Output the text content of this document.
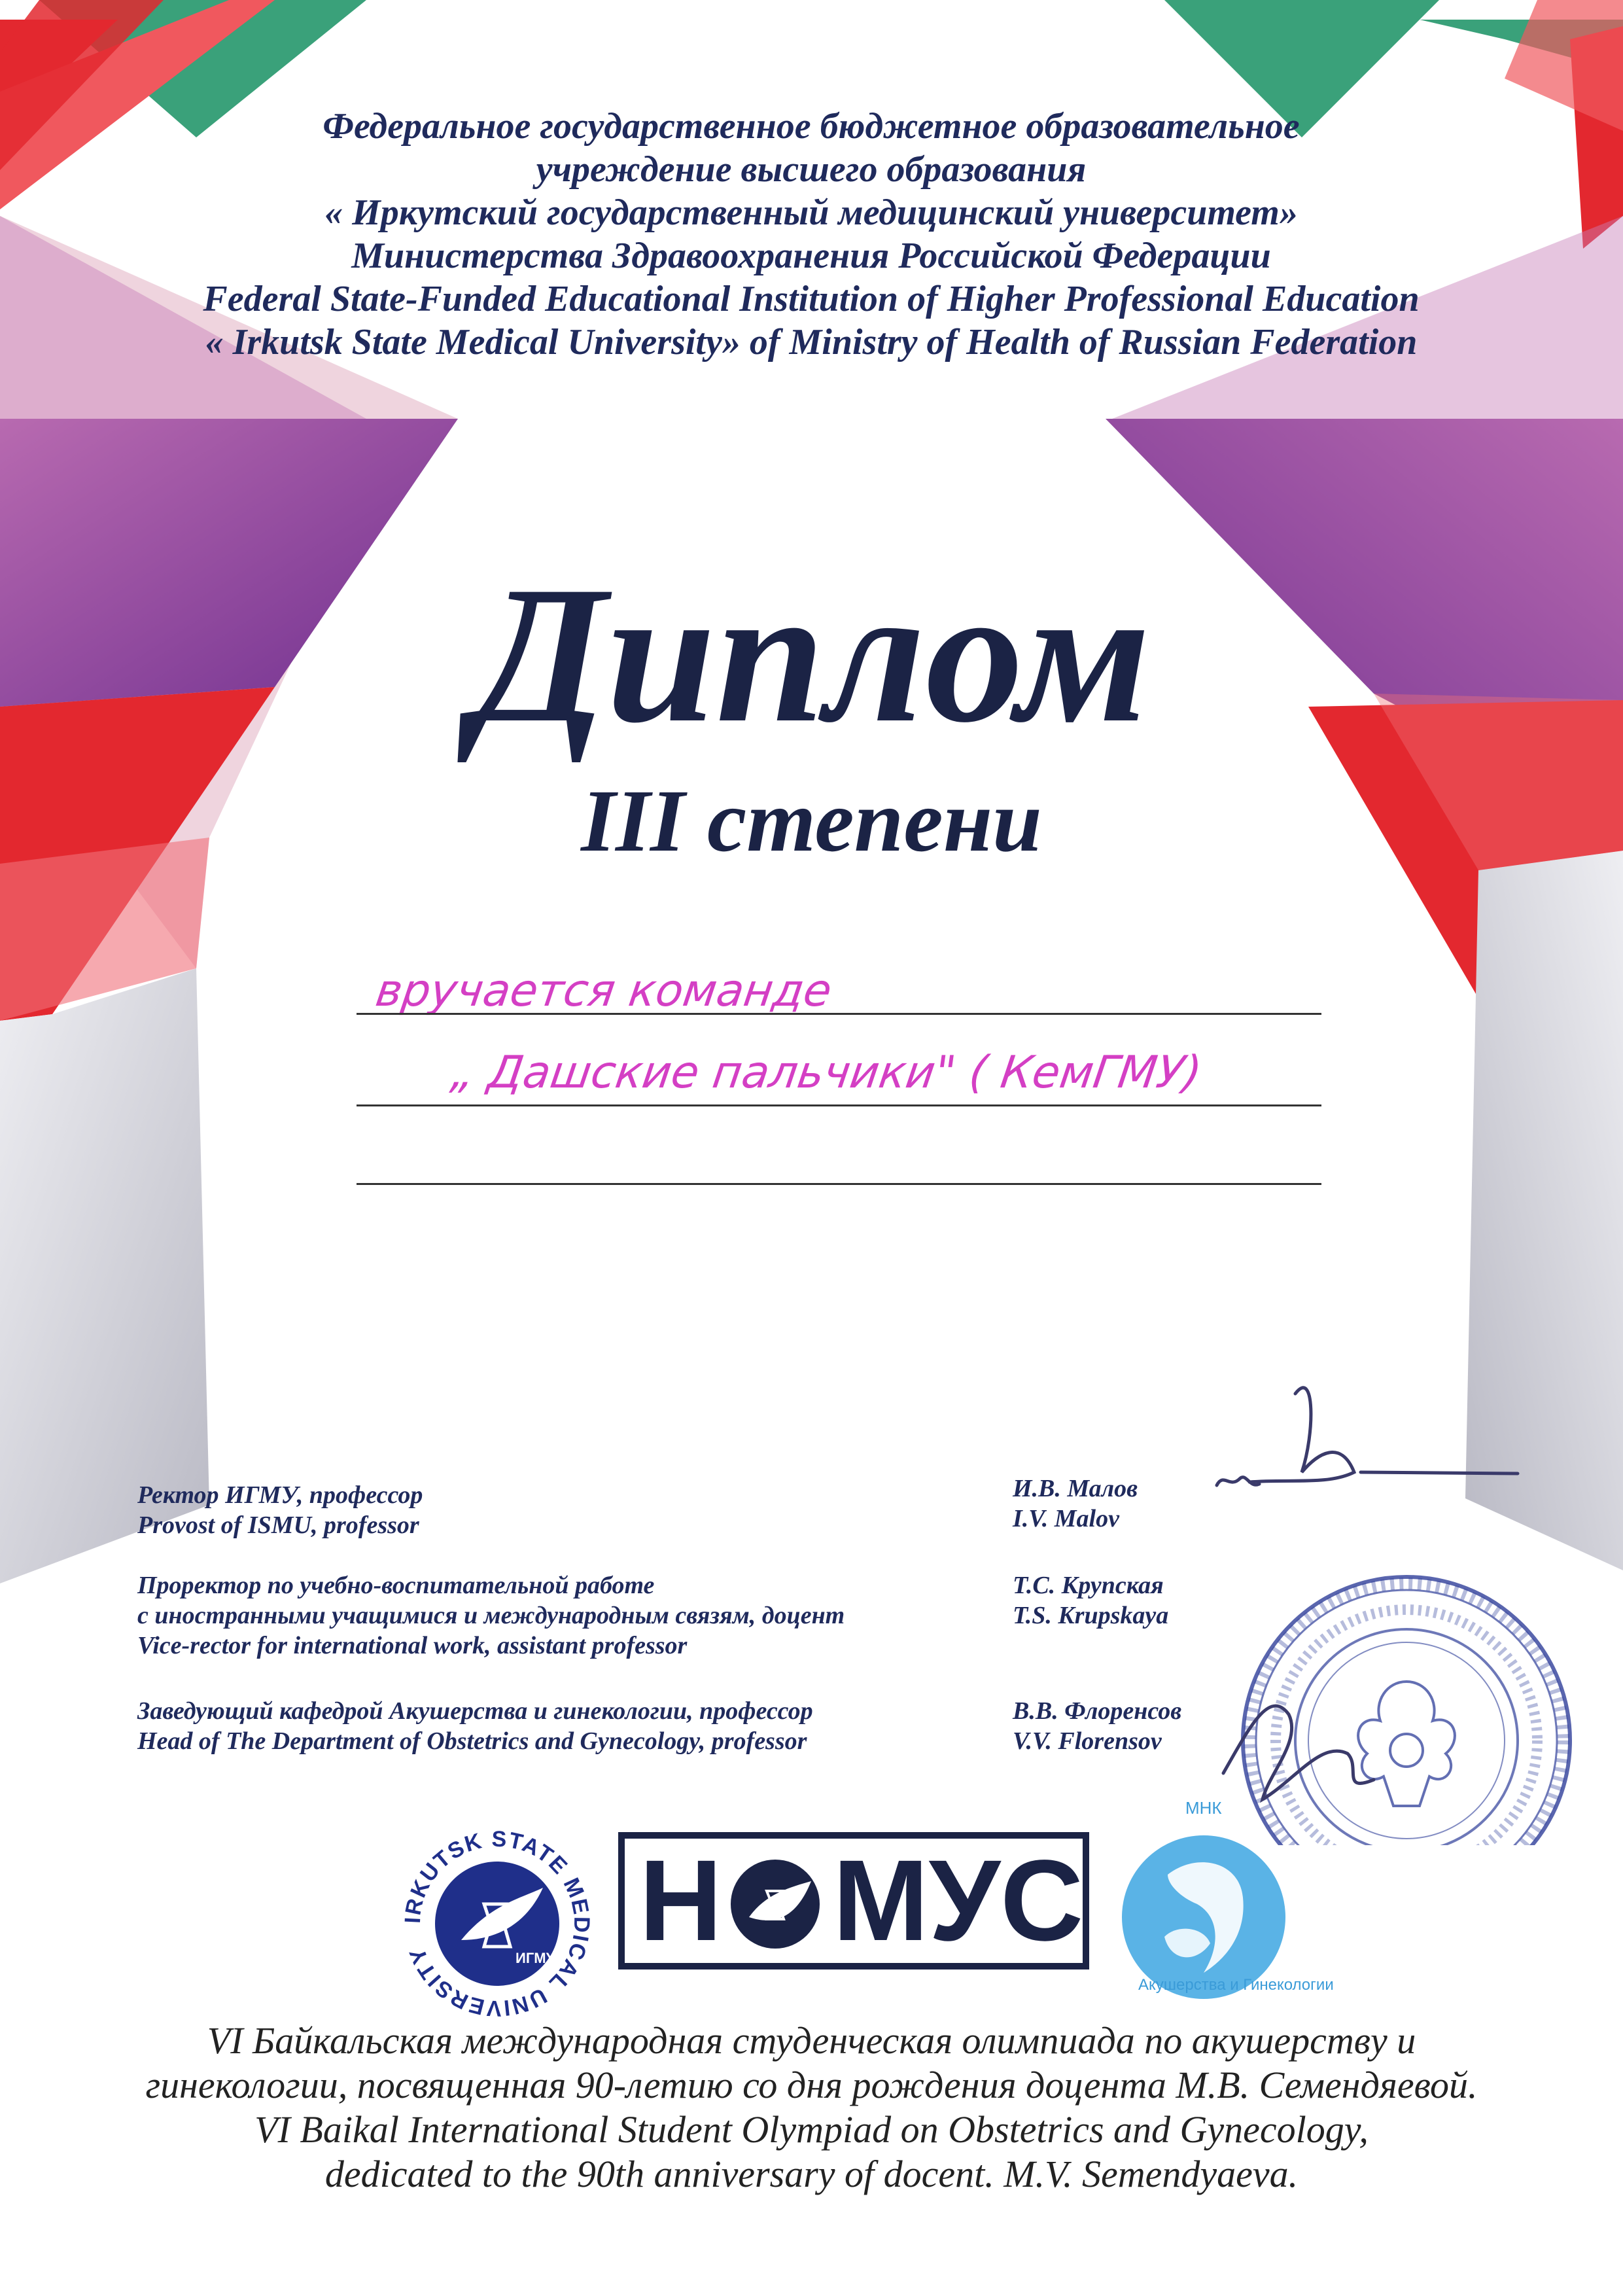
Федеральное государственное бюджетное образовательное
учреждение высшего образования
« Иркутский государственный медицинский университет»
Министерства Здравоохранения Российской Федерации
Federal State-Funded Educational Institution of Higher Professional Education
« Irkutsk State Medical University» of Ministry of Health of Russian Federation
Диплом
III степени
вручается команде
„ Дашские пальчики" ( КемГМУ)
Ректор ИГМУ, профессор
Provost of ISMU, professor
И.В. Малов
I.V. Malov
Проректор по учебно-воспитательной работе
с иностранными учащимися и международным связям, доцент
Vice-rector for international work, assistant professor
Т.С. Крупская
T.S. Krupskaya
Заведующий кафедрой Акушерства и гинекологии, профессор
Head of The Department of Obstetrics and Gynecology, professor
В.В. Флоренсов
V.V. Florensov
IRKUTSK STATE MEDICAL UNIVERSITY	ИГМУ Н МУС
МНК
Акушерства и Гинекологии
VI Байкальская международная студенческая олимпиада по акушерству и
гинекологии, посвященная 90-летию со дня рождения доцента М.В. Семендяевой.
VI Baikal International Student Olympiad on Obstetrics and Gynecology,
dedicated to the 90th anniversary of docent. M.V. Semendyaeva.
